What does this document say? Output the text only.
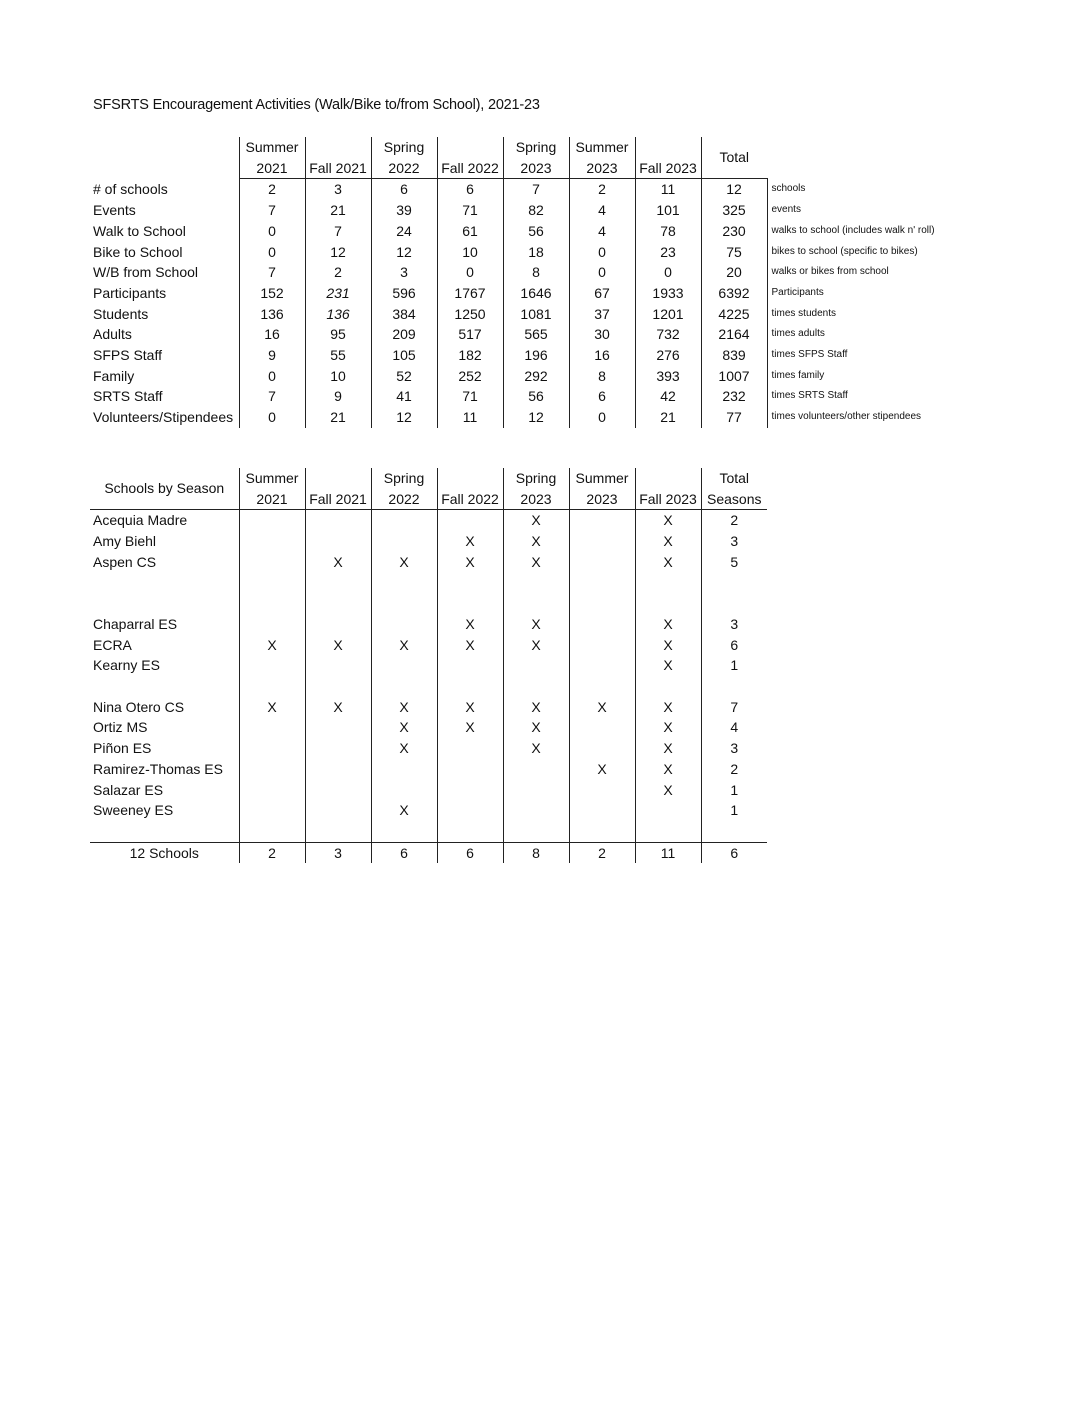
SFSRTS Encouragement Activities (Walk/Bike to/from School), 2021-23
	Summer		Spring		Spring	Summer		Total	
	2021	Fall 2021	2022	Fall 2022	2023	2023	Fall 2023		
# of schools	2	3	6	6	7	2	11	12	schools
Events	7	21	39	71	82	4	101	325	events
Walk to School	0	7	24	61	56	4	78	230	walks to school (includes walk n' roll)
Bike to School	0	12	12	10	18	0	23	75	bikes to school (specific to bikes)
W/B from School	7	2	3	0	8	0	0	20	walks or bikes from school
Participants	152	231	596	1767	1646	67	1933	6392	Participants
Students	136	136	384	1250	1081	37	1201	4225	times students
Adults	16	95	209	517	565	30	732	2164	times adults
SFPS Staff	9	55	105	182	196	16	276	839	times SFPS Staff
Family	0	10	52	252	292	8	393	1007	times family
SRTS Staff	7	9	41	71	56	6	42	232	times SRTS Staff
Volunteers/Stipendees	0	21	12	11	12	0	21	77	times volunteers/other stipendees
Schools by Season	Summer		Spring		Spring	Summer		Total
	2021	Fall 2021	2022	Fall 2022	2023	2023	Fall 2023	Seasons
Acequia Madre					X		X	2
Amy Biehl				X	X		X	3
Aspen CS		X	X	X	X		X	5

Chaparral ES				X	X		X	3
ECRA	X	X	X	X	X		X	6
Kearny ES							X	1

Nina Otero CS	X	X	X	X	X	X	X	7
Ortiz MS			X	X	X		X	4
Piñon ES			X		X		X	3
Ramirez-Thomas ES						X	X	2
Salazar ES							X	1
Sweeney ES			X					1

12 Schools	2	3	6	6	8	2	11	6
